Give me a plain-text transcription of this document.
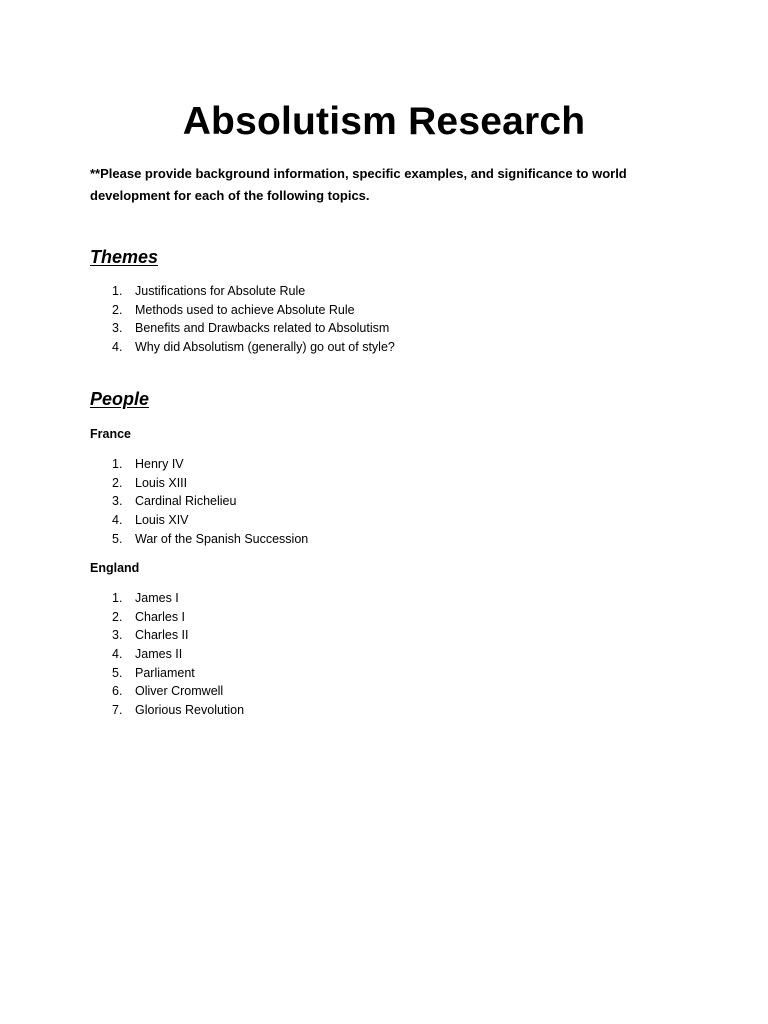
Absolutism Research
**Please provide background information, specific examples, and significance to world development for each of the following topics.
Themes
1. Justifications for Absolute Rule
2. Methods used to achieve Absolute Rule
3. Benefits and Drawbacks related to Absolutism
4. Why did Absolutism (generally) go out of style?
People
France
1. Henry IV
2. Louis XIII
3. Cardinal Richelieu
4. Louis XIV
5. War of the Spanish Succession
England
1. James I
2. Charles I
3. Charles II
4. James II
5. Parliament
6. Oliver Cromwell
7. Glorious Revolution
